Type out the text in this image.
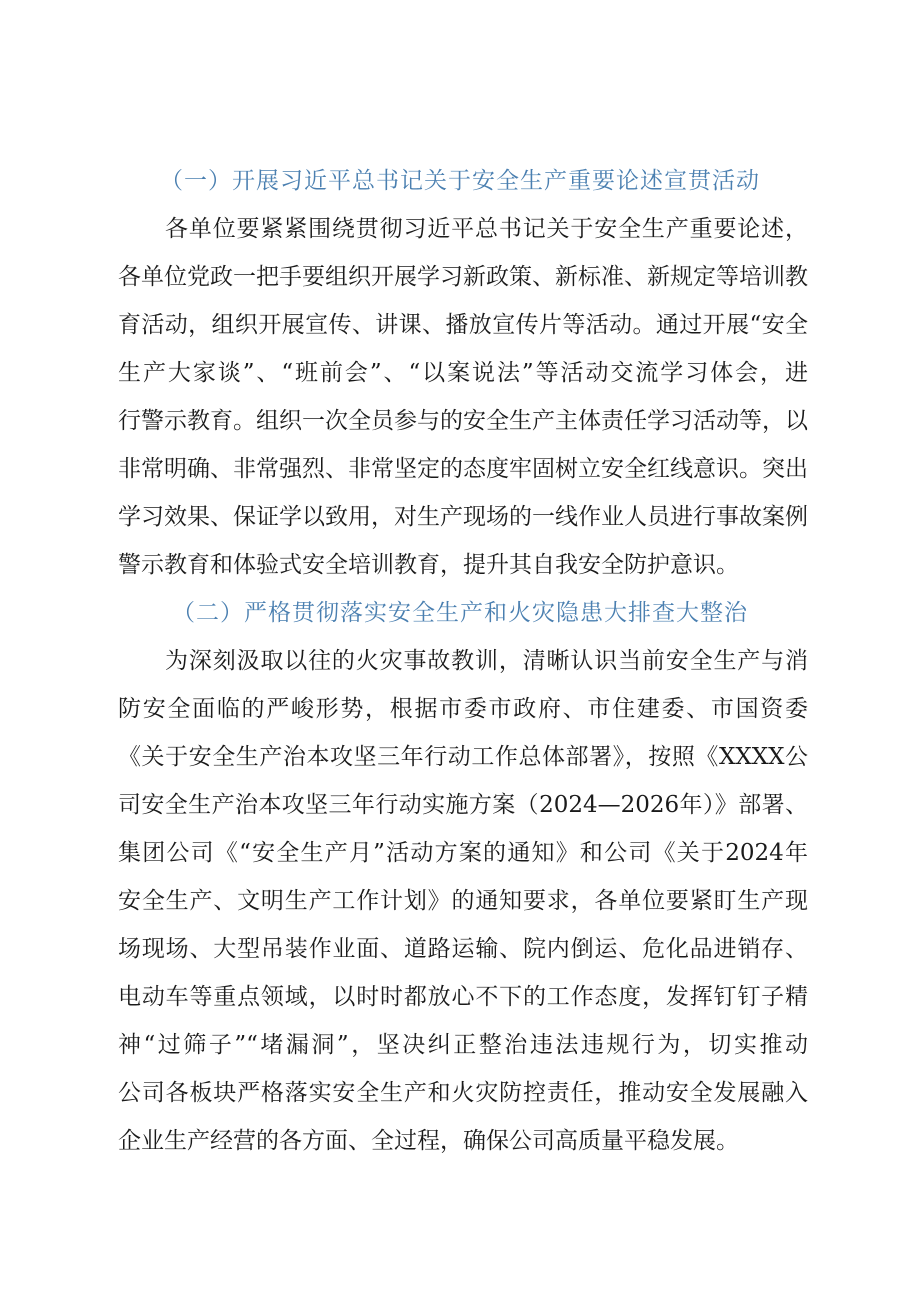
（一）开展习近平总书记关于安全生产重要论述宣贯活动
各单位要紧紧围绕贯彻习近平总书记关于安全生产重要论述，
各单位党政一把手要组织开展学习新政策、新标准、新规定等培训教
育活动，组织开展宣传、讲课、播放宣传片等活动。通过开展“安全
生产大家谈”、“班前会”、“以案说法”等活动交流学习体会，进
行警示教育。组织一次全员参与的安全生产主体责任学习活动等，以
非常明确、非常强烈、非常坚定的态度牢固树立安全红线意识。突出
学习效果、保证学以致用，对生产现场的一线作业人员进行事故案例
警示教育和体验式安全培训教育，提升其自我安全防护意识。
（二）严格贯彻落实安全生产和火灾隐患大排查大整治
为深刻汲取以往的火灾事故教训，清晰认识当前安全生产与消
防安全面临的严峻形势，根据市委市政府、市住建委、市国资委
《关于安全生产治本攻坚三年行动工作总体部署》，按照《XXXX公
司安全生产治本攻坚三年行动实施方案（2024—2026年）》部署、
集团公司《“安全生产月”活动方案的通知》和公司《关于2024年
安全生产、文明生产工作计划》的通知要求，各单位要紧盯生产现
场现场、大型吊装作业面、道路运输、院内倒运、危化品进销存、
电动车等重点领域，以时时都放心不下的工作态度，发挥钉钉子精
神“过筛子”“堵漏洞”，坚决纠正整治违法违规行为，切实推动
公司各板块严格落实安全生产和火灾防控责任，推动安全发展融入
企业生产经营的各方面、全过程，确保公司高质量平稳发展。
